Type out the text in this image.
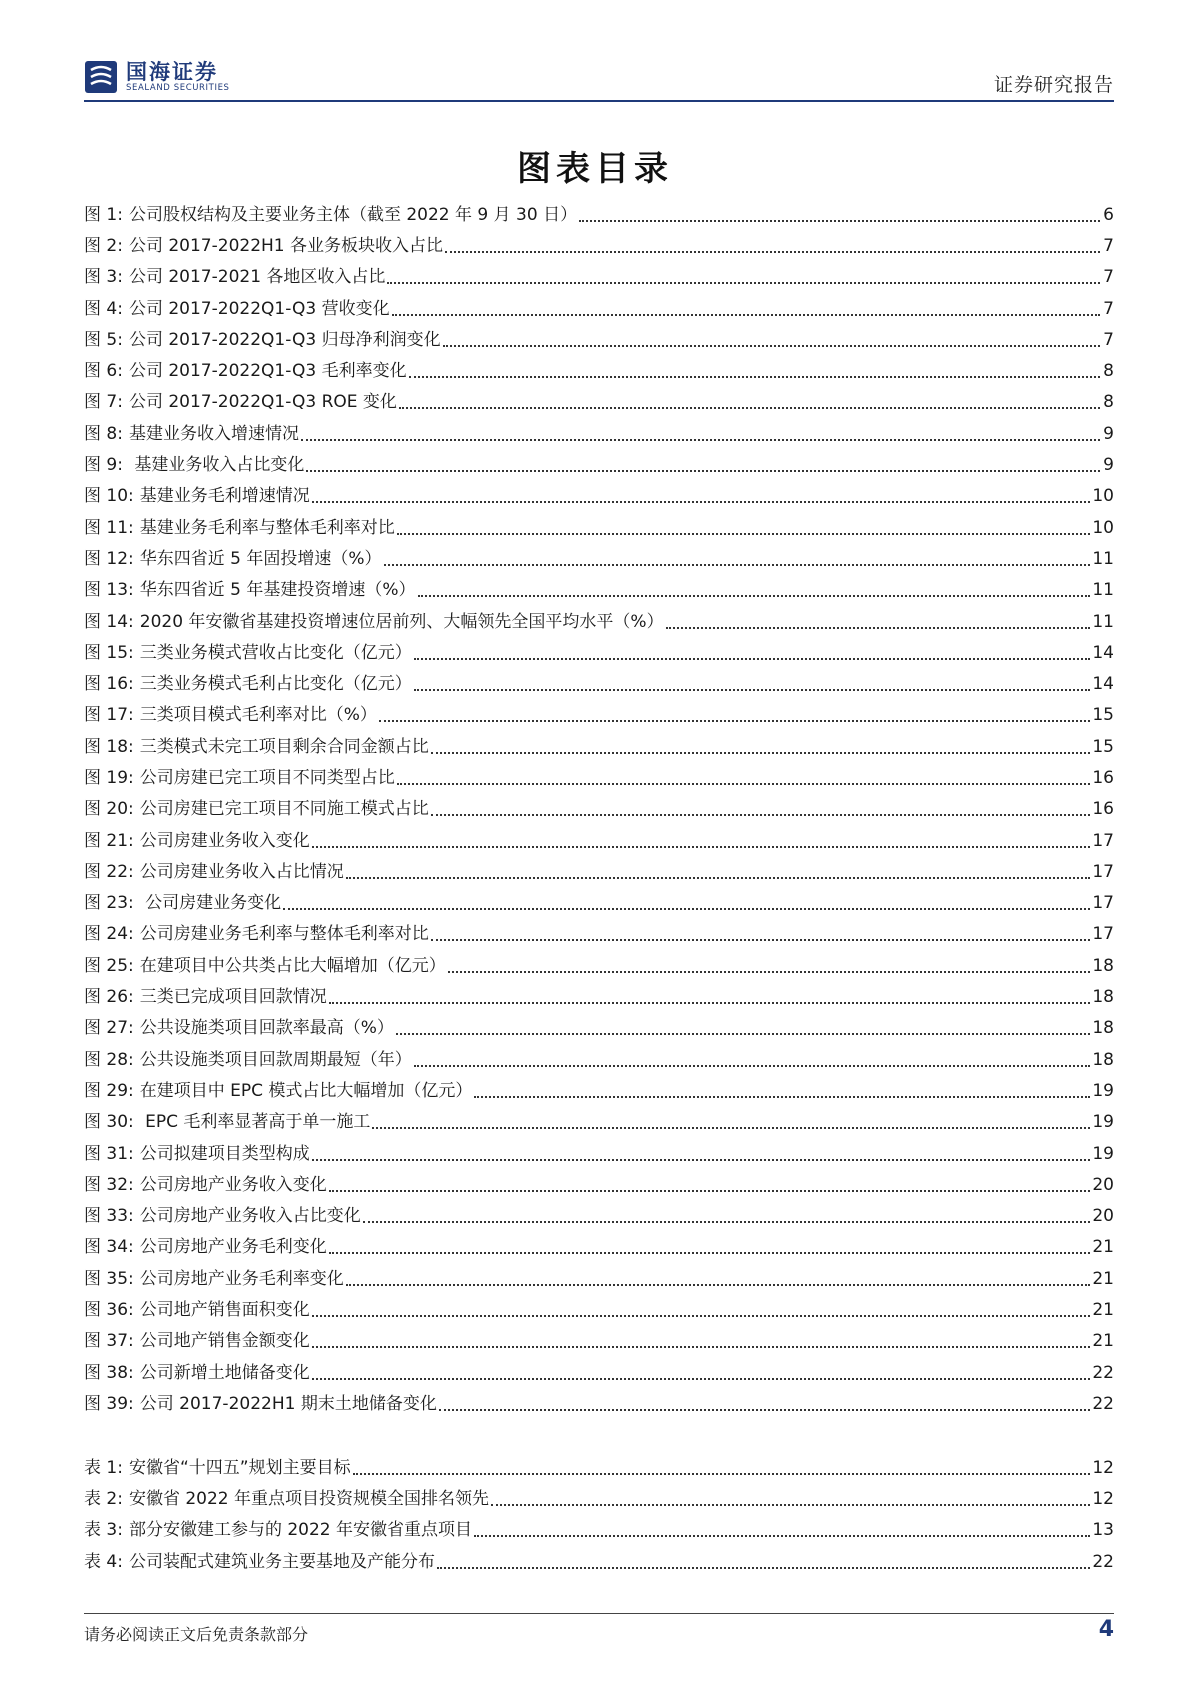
国海证券
SEALAND SECURITIES	证券研究报告
图表目录
图 1: 公司股权结构及主要业务主体（截至 2022 年 9 月 30 日）	6
图 2: 公司 2017-2022H1 各业务板块收入占比	7
图 3: 公司 2017-2021 各地区收入占比	7
图 4: 公司 2017-2022Q1-Q3 营收变化	7
图 5: 公司 2017-2022Q1-Q3 归母净利润变化	7
图 6: 公司 2017-2022Q1-Q3 毛利率变化	8
图 7: 公司 2017-2022Q1-Q3 ROE 变化	8
图 8: 基建业务收入增速情况	9
图 9: 基建业务收入占比变化	9
图 10: 基建业务毛利增速情况	10
图 11: 基建业务毛利率与整体毛利率对比	10
图 12: 华东四省近 5 年固投增速（%）	11
图 13: 华东四省近 5 年基建投资增速（%）	11
图 14: 2020 年安徽省基建投资增速位居前列、大幅领先全国平均水平（%）	11
图 15: 三类业务模式营收占比变化（亿元）	14
图 16: 三类业务模式毛利占比变化（亿元）	14
图 17: 三类项目模式毛利率对比（%）	15
图 18: 三类模式未完工项目剩余合同金额占比	15
图 19: 公司房建已完工项目不同类型占比	16
图 20: 公司房建已完工项目不同施工模式占比	16
图 21: 公司房建业务收入变化	17
图 22: 公司房建业务收入占比情况	17
图 23: 公司房建业务变化	17
图 24: 公司房建业务毛利率与整体毛利率对比	17
图 25: 在建项目中公共类占比大幅增加（亿元）	18
图 26: 三类已完成项目回款情况	18
图 27: 公共设施类项目回款率最高（%）	18
图 28: 公共设施类项目回款周期最短（年）	18
图 29: 在建项目中 EPC 模式占比大幅增加（亿元）	19
图 30: EPC 毛利率显著高于单一施工	19
图 31: 公司拟建项目类型构成	19
图 32: 公司房地产业务收入变化	20
图 33: 公司房地产业务收入占比变化	20
图 34: 公司房地产业务毛利变化	21
图 35: 公司房地产业务毛利率变化	21
图 36: 公司地产销售面积变化	21
图 37: 公司地产销售金额变化	21
图 38: 公司新增土地储备变化	22
图 39: 公司 2017-2022H1 期末土地储备变化	22
表 1: 安徽省“十四五”规划主要目标	12
表 2: 安徽省 2022 年重点项目投资规模全国排名领先	12
表 3: 部分安徽建工参与的 2022 年安徽省重点项目	13
表 4: 公司装配式建筑业务主要基地及产能分布	22
请务必阅读正文后免责条款部分	4
